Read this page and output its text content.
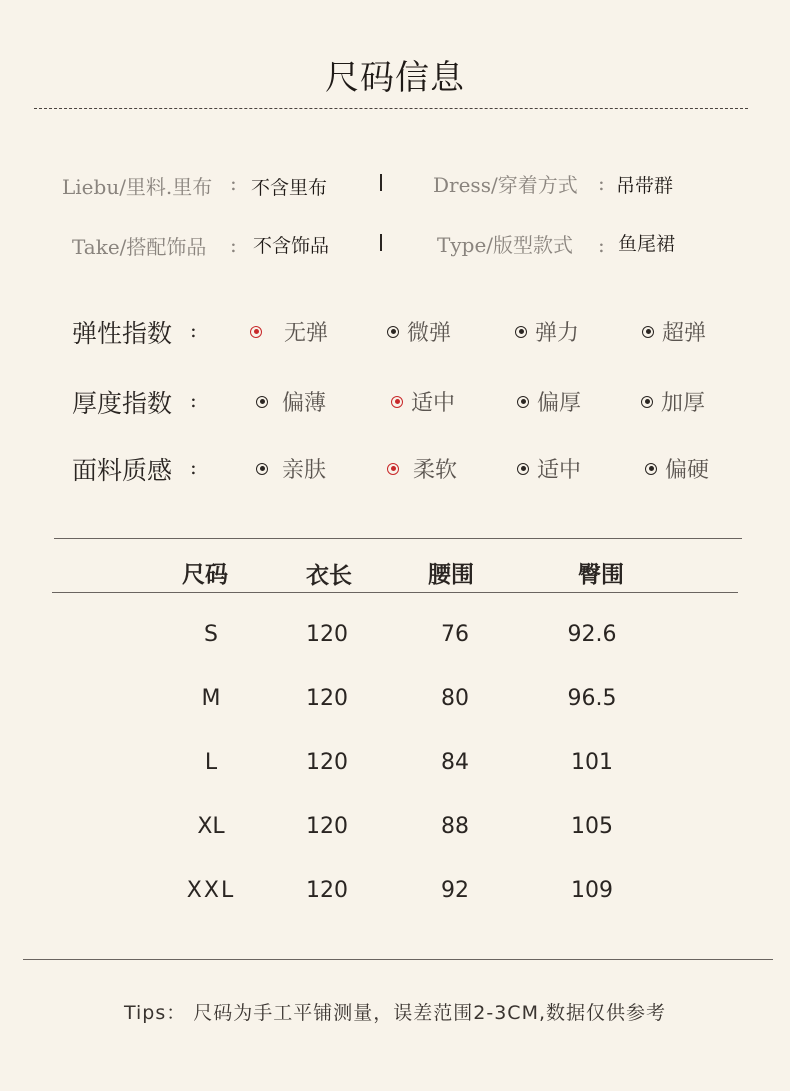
尺码信息
Liebu/里料.里布 : 不含里布	Dress/穿着方式 : 吊带群
Take/搭配饰品 : 不含饰品	Type/版型款式 : 鱼尾裙
弹性指数 :	无弹	微弹	弹力	超弹
厚度指数 :	偏薄	适中	偏厚	加厚
面料质感 :	亲肤	柔软	适中	偏硬
尺码	衣长	腰围	臀围
S	120	76	92.6
M	120	80	96.5
L	120	84	101
XL	120	88	105
XXL	120	92	109
Tips： 尺码为手工平铺测量，误差范围2-3CM,数据仅供参考
